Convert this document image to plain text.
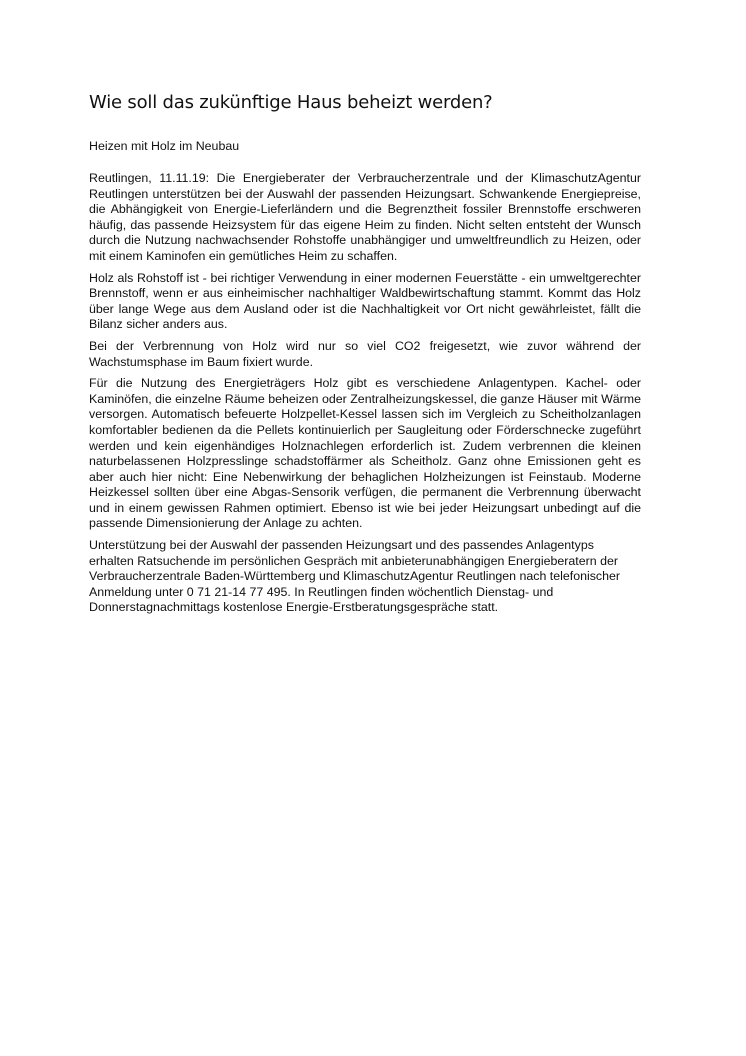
Wie soll das zukünftige Haus beheizt werden?

Heizen mit Holz im Neubau

Reutlingen, 11.11.19: Die Energieberater der Verbraucherzentrale und der KlimaschutzAgentur Reutlingen unterstützen bei der Auswahl der passenden Heizungsart. Schwankende Energiepreise, die Abhängigkeit von Energie-Lieferländern und die Begrenztheit fossiler Brennstoffe erschweren häufig, das passende Heizsystem für das eigene Heim zu finden. Nicht selten entsteht der Wunsch durch die Nutzung nachwachsender Rohstoffe unabhängiger und umweltfreundlich zu Heizen, oder mit einem Kaminofen ein gemütliches Heim zu schaffen.

Holz als Rohstoff ist - bei richtiger Verwendung in einer modernen Feuerstätte - ein umweltgerechter Brennstoff, wenn er aus einheimischer nachhaltiger Waldbewirtschaftung stammt. Kommt das Holz über lange Wege aus dem Ausland oder ist die Nachhaltigkeit vor Ort nicht gewährleistet, fällt die Bilanz sicher anders aus.

Bei der Verbrennung von Holz wird nur so viel CO2 freigesetzt, wie zuvor während der Wachstumsphase im Baum fixiert wurde.

Für die Nutzung des Energieträgers Holz gibt es verschiedene Anlagentypen. Kachel- oder Kaminöfen, die einzelne Räume beheizen oder Zentralheizungskessel, die ganze Häuser mit Wärme versorgen. Automatisch befeuerte Holzpellet-Kessel lassen sich im Vergleich zu Scheitholzanlagen komfortabler bedienen da die Pellets kontinuierlich per Saugleitung oder Förderschnecke zugeführt werden und kein eigenhändiges Holznachlegen erforderlich ist. Zudem verbrennen die kleinen naturbelassenen Holzpresslinge schadstoffärmer als Scheitholz. Ganz ohne Emissionen geht es aber auch hier nicht: Eine Nebenwirkung der behaglichen Holzheizungen ist Feinstaub. Moderne Heizkessel sollten über eine Abgas-Sensorik verfügen, die permanent die Verbrennung überwacht und in einem gewissen Rahmen optimiert. Ebenso ist wie bei jeder Heizungsart unbedingt auf die passende Dimensionierung der Anlage zu achten.

Unterstützung bei der Auswahl der passenden Heizungsart und des passendes Anlagentyps erhalten Ratsuchende im persönlichen Gespräch mit anbieterunabhängigen Energieberatern der Verbraucherzentrale Baden-Württemberg und KlimaschutzAgentur Reutlingen nach telefonischer Anmeldung unter 0 71 21-14 77 495. In Reutlingen finden wöchentlich Dienstag- und Donnerstagnachmittags kostenlose Energie-Erstberatungsgespräche statt.
